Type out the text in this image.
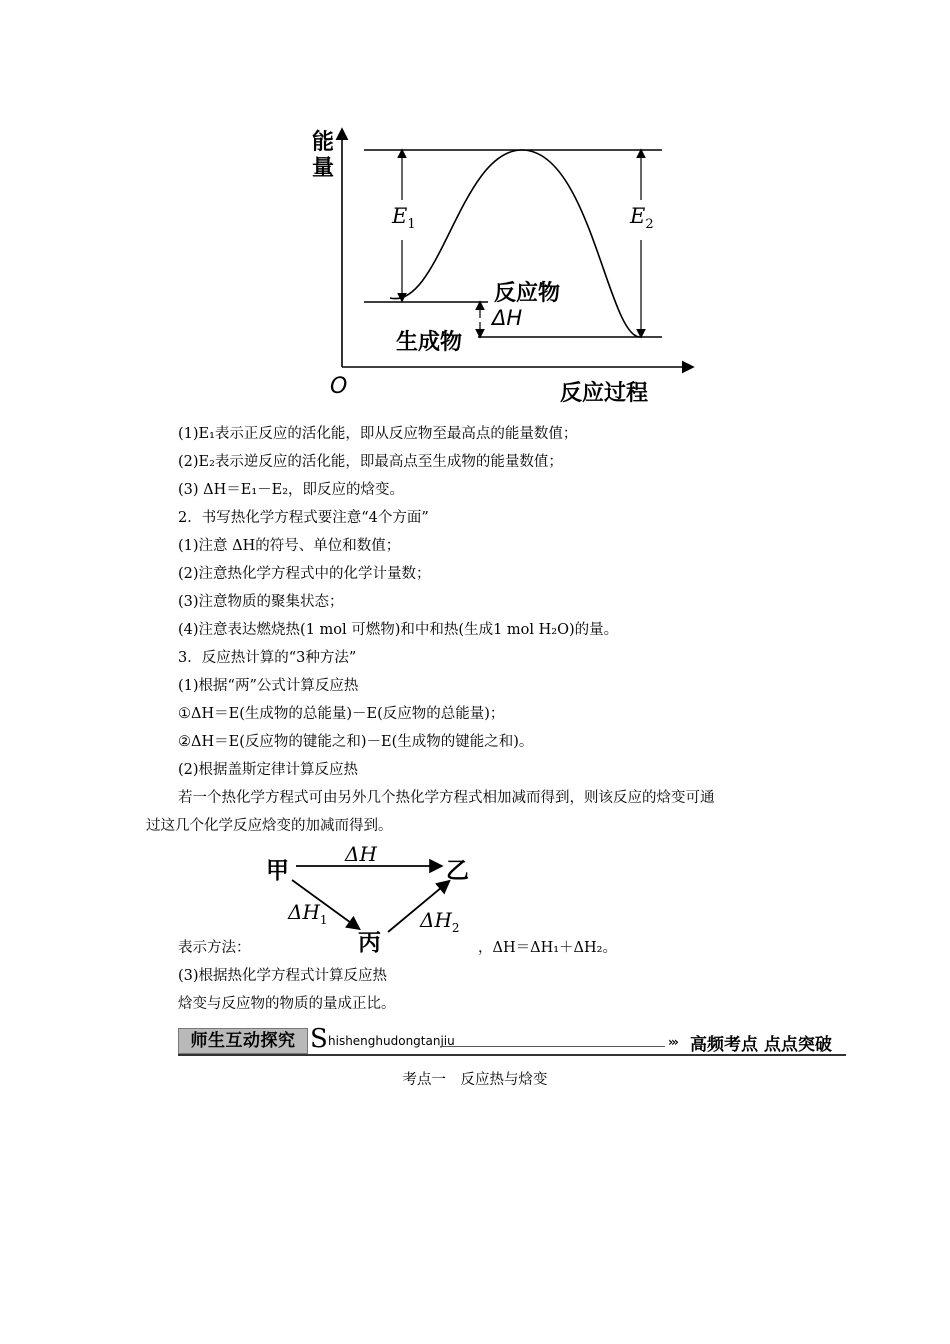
能量
O	反应过程
反应物
生成物
ΔH
$E_1$	$E_2$
(1)E₁表示正反应的活化能，即从反应物至最高点的能量数值；
(2)E₂表示逆反应的活化能，即最高点至生成物的能量数值；
(3) ΔH＝E₁－E₂，即反应的焓变。
2．书写热化学方程式要注意“4个方面”
(1)注意 ΔH的符号、单位和数值；
(2)注意热化学方程式中的化学计量数；
(3)注意物质的聚集状态；
(4)注意表达燃烧热(1 mol 可燃物)和中和热(生成1 mol H₂O)的量。
3．反应热计算的“3种方法”
(1)根据“两”公式计算反应热
①ΔH＝E(生成物的总能量)－E(反应物的总能量)；
②ΔH＝E(反应物的键能之和)－E(生成物的键能之和)。
(2)根据盖斯定律计算反应热
若一个热化学方程式可由另外几个热化学方程式相加减而得到，则该反应的焓变可通
过这几个化学反应焓变的加减而得到。
甲	乙
丙
ΔH
$\Delta H_1$	$\Delta H_2$
表示方法：	，ΔH＝ΔH₁＋ΔH₂。
(3)根据热化学方程式计算反应热
焓变与反应物的物质的量成正比。
师生互动探究 S hishenghudongtanjiu	››› 高频考点 点点突破
考点一　反应热与焓变
